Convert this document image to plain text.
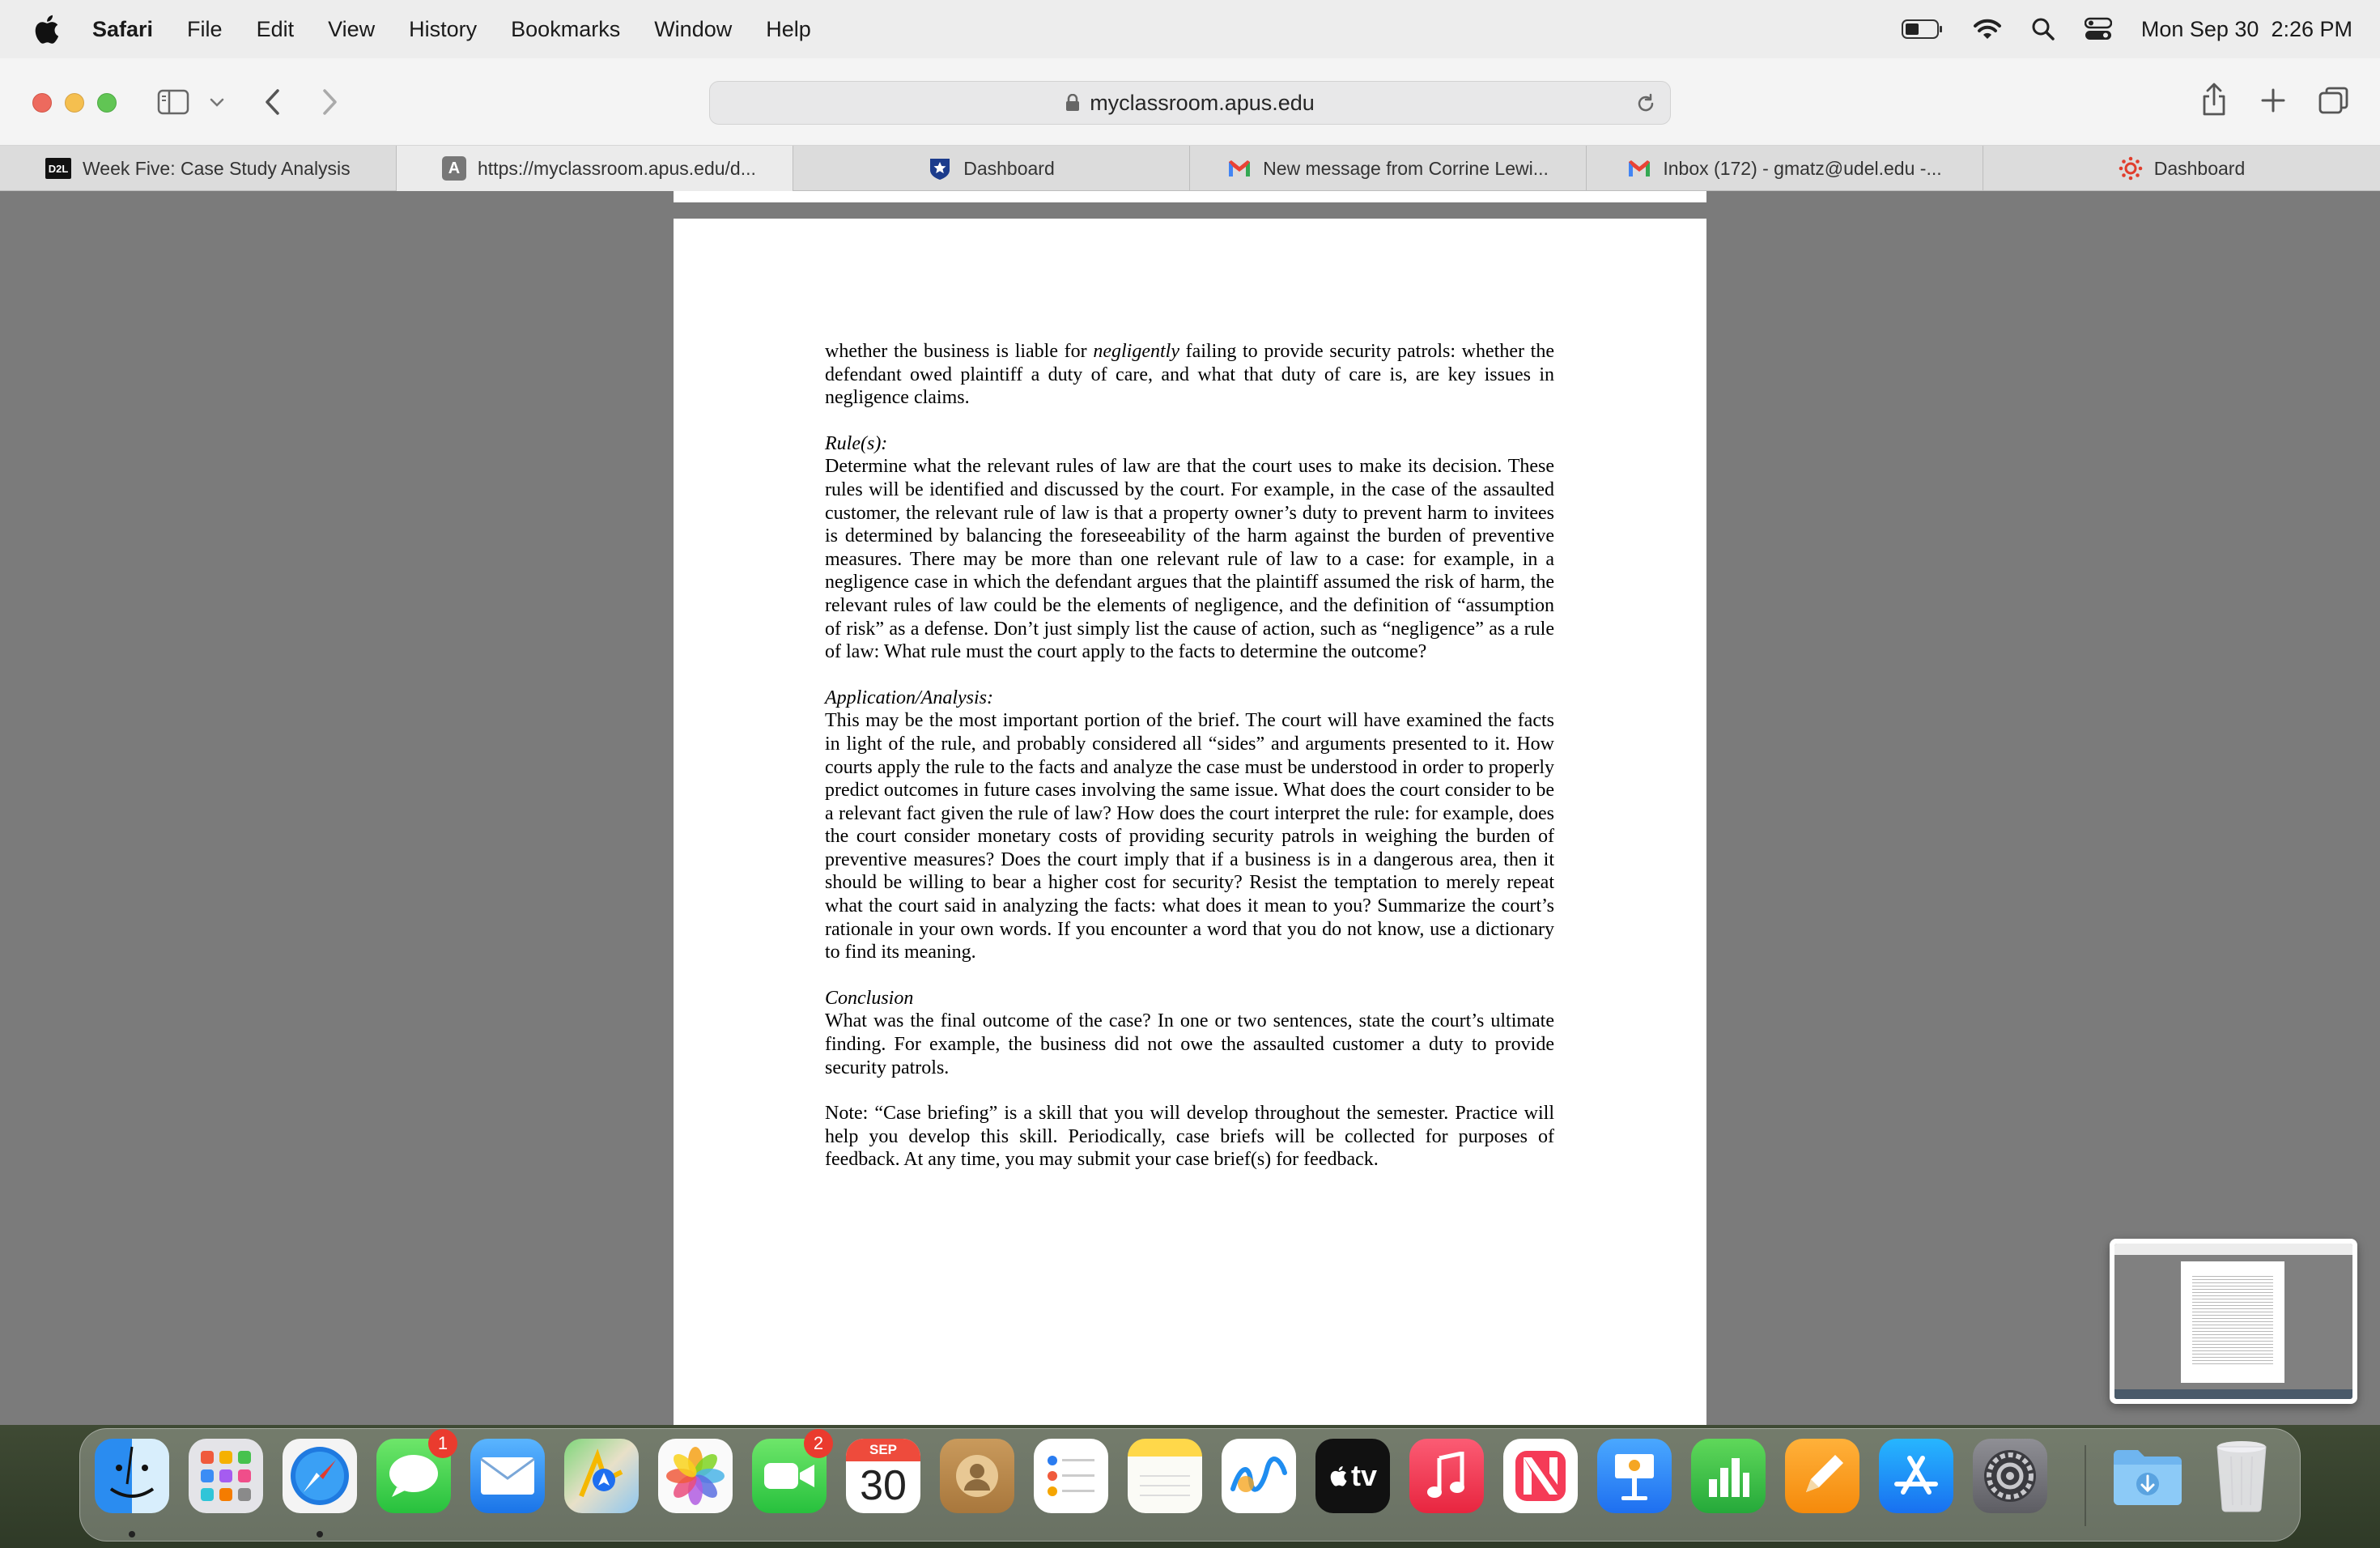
Safari File Edit View History Bookmarks Window Help	Mon Sep 30  2:26 PM
myclassroom.apus.edu
D2L Week Five: Case Study Analysis	A https://myclassroom.apus.edu/d...	Dashboard	New message from Corrine Lewi...	Inbox (172) - gmatz@udel.edu -...	Dashboard

whether the business is liable for negligently failing to provide security patrols: whether the defendant owed plaintiff a duty of care, and what that duty of care is, are key issues in negligence claims.

Rule(s):

Determine what the relevant rules of law are that the court uses to make its decision. These rules will be identified and discussed by the court. For example, in the case of the assaulted customer, the relevant rule of law is that a property owner’s duty to prevent harm to invitees is determined by balancing the foreseeability of the harm against the burden of preventive measures. There may be more than one relevant rule of law to a case: for example, in a negligence case in which the defendant argues that the plaintiff assumed the risk of harm, the relevant rules of law could be the elements of negligence, and the definition of “assumption of risk” as a defense. Don’t just simply list the cause of action, such as “negligence” as a rule of law: What rule must the court apply to the facts to determine the outcome?

Application/Analysis:

This may be the most important portion of the brief. The court will have examined the facts in light of the rule, and probably considered all “sides” and arguments presented to it. How courts apply the rule to the facts and analyze the case must be understood in order to properly predict outcomes in future cases involving the same issue. What does the court consider to be a relevant fact given the rule of law? How does the court interpret the rule: for example, does the court consider monetary costs of providing security patrols in weighing the burden of preventive measures? Does the court imply that if a business is in a dangerous area, then it should be willing to bear a higher cost for security? Resist the temptation to merely repeat what the court said in analyzing the facts: what does it mean to you? Summarize the court’s rationale in your own words. If you encounter a word that you do not know, use a dictionary to find its meaning.

Conclusion

What was the final outcome of the case? In one or two sentences, state the court’s ultimate finding. For example, the business did not owe the assaulted customer a duty to provide security patrols.

Note: “Case briefing” is a skill that you will develop throughout the semester. Practice will help you develop this skill. Periodically, case briefs will be collected for purposes of feedback. At any time, you may submit your case brief(s) for feedback.

1	2	SEP
30	tv
